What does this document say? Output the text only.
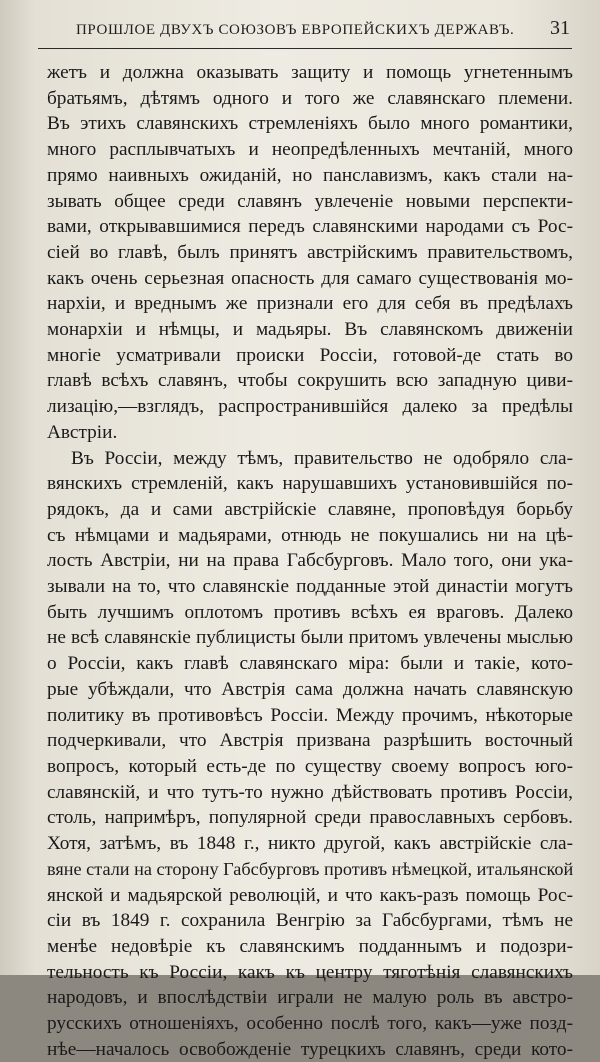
ПРОШЛОЕ ДВУХЪ СОЮЗОВЪ ЕВРОПЕЙСКИХЪ ДЕРЖАВЪ. 31

жетъ и должна оказывать защиту и помощь угнетеннымъ
братьямъ, дѣтямъ одного и того же славянскаго племени.
Въ этихъ славянскихъ стремленіяхъ было много романтики,
много расплывчатыхъ и неопредѣленныхъ мечтаній, много
прямо наивныхъ ожиданій, но панславизмъ, какъ стали на-
зывать общее среди славянъ увлеченіе новыми перспекти-
вами, открывавшимися передъ славянскими народами съ Рос-
сіей во главѣ, былъ принятъ австрійскимъ правительствомъ,
какъ очень серьезная опасность для самаго существованія мо-
нархіи, и вреднымъ же признали его для себя въ предѣлахъ
монархіи и нѣмцы, и мадьяры. Въ славянскомъ движеніи
многіе усматривали происки Россіи, готовой-де стать во
главѣ всѣхъ славянъ, чтобы сокрушить всю западную циви-
лизацію,—взглядъ, распространившійся далеко за предѣлы
Австріи.

Въ Россіи, между тѣмъ, правительство не одобряло сла-
вянскихъ стремленій, какъ нарушавшихъ установившійся по-
рядокъ, да и сами австрійскіе славяне, проповѣдуя борьбу
съ нѣмцами и мадьярами, отнюдь не покушались ни на цѣ-
лость Австріи, ни на права Габсбурговъ. Мало того, они ука-
зывали на то, что славянскіе подданные этой династіи могутъ
быть лучшимъ оплотомъ противъ всѣхъ ея враговъ. Далеко
не всѣ славянскіе публицисты были притомъ увлечены мыслью
о Россіи, какъ главѣ славянскаго міра: были и такіе, кото-
рые убѣждали, что Австрія сама должна начать славянскую
политику въ противовѣсъ Россіи. Между прочимъ, нѣкоторые
подчеркивали, что Австрія призвана разрѣшить восточный
вопросъ, который есть-де по существу своему вопросъ юго-
славянскій, и что тутъ-то нужно дѣйствовать противъ Россіи,
столь, напримѣръ, популярной среди православныхъ сербовъ.
Хотя, затѣмъ, въ 1848 г., никто другой, какъ австрійскіе сла-
вяне стали на сторону Габсбурговъ противъ нѣмецкой, итальянской
янской и мадьярской революцій, и что какъ-разъ помощь Рос-
сіи въ 1849 г. сохранила Венгрію за Габсбургами, тѣмъ не
менѣе недовѣріе къ славянскимъ подданнымъ и подозри-
тельность къ Россіи, какъ къ центру тяготѣнія славянскихъ
народовъ, и впослѣдствіи играли не малую роль въ австро-
русскихъ отношеніяхъ, особенно послѣ того, какъ—уже позд-
нѣе—началось освобожденіе турецкихъ славянъ, среди кото-
